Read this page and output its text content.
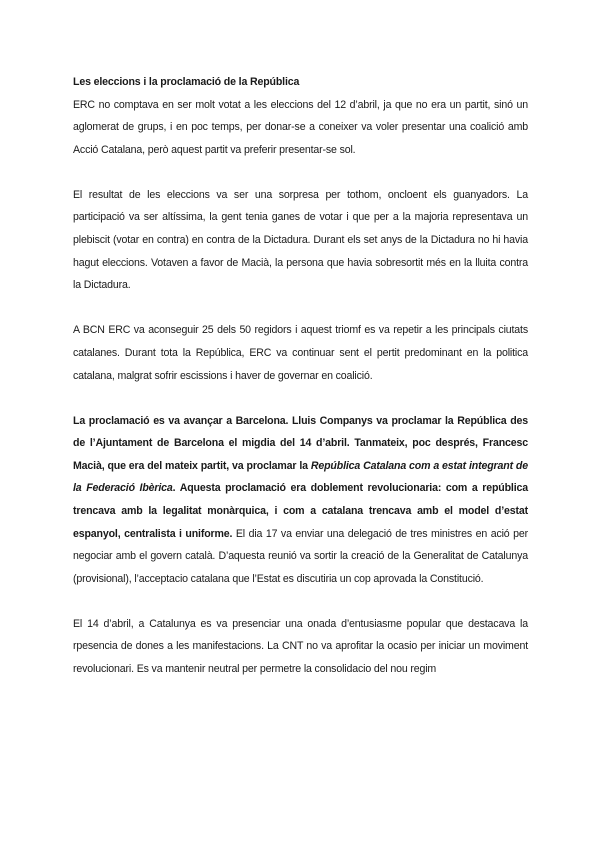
Les eleccions i la proclamació de la República

ERC no comptava en ser molt votat a les eleccions del 12 d’abril, ja que no era un partit, sinó un aglomerat de grups, i en poc temps, per donar-se a coneixer va voler presentar una coalició amb Acció Catalana, però aquest partit va preferir presentar-se sol.

El resultat de les eleccions va ser una sorpresa per tothom, oncloent els guanyadors. La participació va ser altíssima, la gent tenia ganes de votar i que per a la majoria representava un plebiscit (votar en contra) en contra de la Dictadura. Durant els set anys de la Dictadura no hi havia hagut eleccions. Votaven a favor de Macià, la persona que havia sobresortit més en la lluita contra la Dictadura.

A BCN ERC va aconseguir 25 dels 50 regidors i aquest triomf es va repetir a les principals ciutats catalanes. Durant tota la República, ERC va continuar sent el pertit predominant en la politica catalana, malgrat sofrir escissions i haver de governar en coalició.

La proclamació es va avançar a Barcelona. Lluis Companys va proclamar la República des de l’Ajuntament de Barcelona el migdia del 14 d’abril. Tanmateix, poc després, Francesc Macià, que era del mateix partit, va proclamar la República Catalana com a estat integrant de la Federació Ibèrica. Aquesta proclamació era doblement revolucionaria: com a república trencava amb la legalitat monàrquica, i com a catalana trencava amb el model d’estat espanyol, centralista i uniforme. El dia 17 va enviar una delegació de tres ministres en ació per negociar amb el govern català. D’aquesta reunió va sortir la creació de la Generalitat de Catalunya (provisional), l’acceptacio catalana que l’Estat es discutiria un cop aprovada la Constitució.

El 14 d’abril, a Catalunya es va presenciar una onada d’entusiasme popular que destacava la rpesencia de dones a les manifestacions. La CNT no va aprofitar la ocasio per iniciar un moviment revolucionari. Es va mantenir neutral per permetre la consolidacio del nou regim
